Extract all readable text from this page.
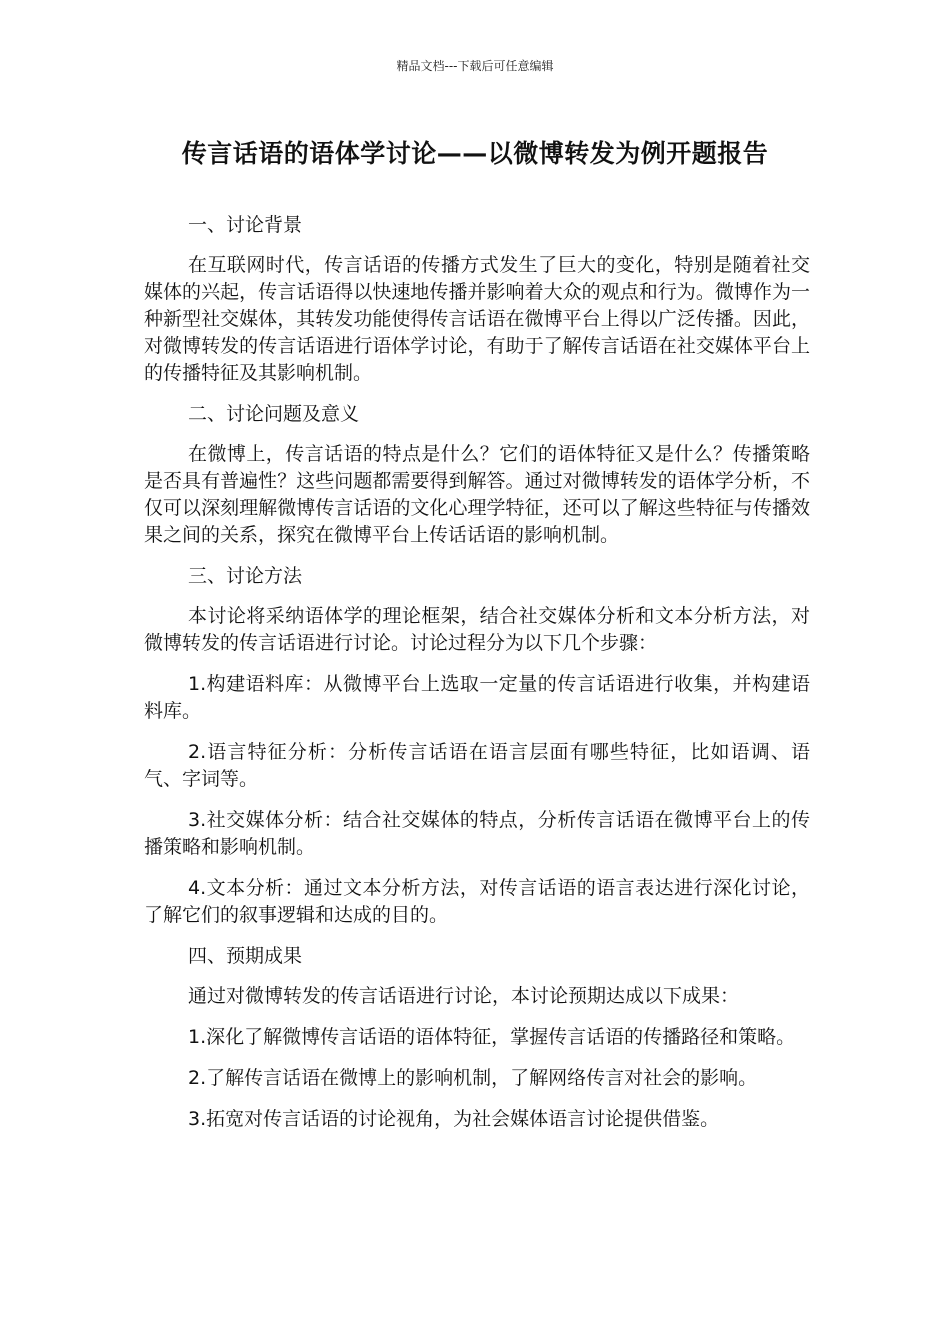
精品文档---下载后可任意编辑
传言话语的语体学讨论——以微博转发为例开题报告

一、讨论背景

在互联网时代，传言话语的传播方式发生了巨大的变化，特别是随着社交媒体的兴起，传言话语得以快速地传播并影响着大众的观点和行为。微博作为一种新型社交媒体，其转发功能使得传言话语在微博平台上得以广泛传播。因此，对微博转发的传言话语进行语体学讨论，有助于了解传言话语在社交媒体平台上的传播特征及其影响机制。

二、讨论问题及意义

在微博上，传言话语的特点是什么？它们的语体特征又是什么？传播策略是否具有普遍性？这些问题都需要得到解答。通过对微博转发的语体学分析，不仅可以深刻理解微博传言话语的文化心理学特征，还可以了解这些特征与传播效果之间的关系，探究在微博平台上传话话语的影响机制。

三、讨论方法

本讨论将采纳语体学的理论框架，结合社交媒体分析和文本分析方法，对微博转发的传言话语进行讨论。讨论过程分为以下几个步骤：

1.构建语料库：从微博平台上选取一定量的传言话语进行收集，并构建语料库。

2.语言特征分析：分析传言话语在语言层面有哪些特征，比如语调、语气、字词等。

3.社交媒体分析：结合社交媒体的特点，分析传言话语在微博平台上的传播策略和影响机制。

4.文本分析：通过文本分析方法，对传言话语的语言表达进行深化讨论，了解它们的叙事逻辑和达成的目的。

四、预期成果

通过对微博转发的传言话语进行讨论，本讨论预期达成以下成果：

1.深化了解微博传言话语的语体特征，掌握传言话语的传播路径和策略。

2.了解传言话语在微博上的影响机制，了解网络传言对社会的影响。

3.拓宽对传言话语的讨论视角，为社会媒体语言讨论提供借鉴。
